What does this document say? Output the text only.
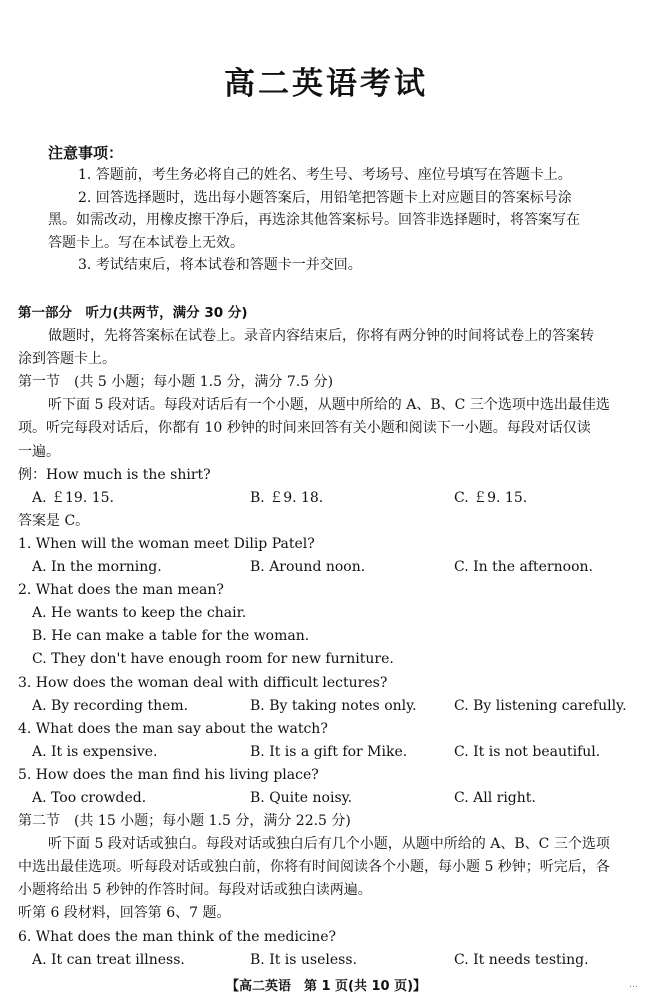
高二英语考试
注意事项：
1. 答题前，考生务必将自己的姓名、考生号、考场号、座位号填写在答题卡上。
2. 回答选择题时，选出每小题答案后，用铅笔把答题卡上对应题目的答案标号涂
黑。如需改动，用橡皮擦干净后，再选涂其他答案标号。回答非选择题时，将答案写在
答题卡上。写在本试卷上无效。
3. 考试结束后，将本试卷和答题卡一并交回。
第一部分　听力(共两节，满分 30 分)
做题时，先将答案标在试卷上。录音内容结束后，你将有两分钟的时间将试卷上的答案转
涂到答题卡上。
第一节　(共 5 小题；每小题 1.5 分，满分 7.5 分)
听下面 5 段对话。每段对话后有一个小题，从题中所给的 A、B、C 三个选项中选出最佳选
项。听完每段对话后，你都有 10 秒钟的时间来回答有关小题和阅读下一小题。每段对话仅读
一遍。
例：How much is the shirt?
A. ￡19. 15.	B. ￡9. 18.	C. ￡9. 15.
答案是 C。
1. When will the woman meet Dilip Patel?
A. In the morning.	B. Around noon.	C. In the afternoon.
2. What does the man mean?
A. He wants to keep the chair.
B. He can make a table for the woman.
C. They don't have enough room for new furniture.
3. How does the woman deal with difficult lectures?
A. By recording them.	B. By taking notes only.	C. By listening carefully.
4. What does the man say about the watch?
A. It is expensive.	B. It is a gift for Mike.	C. It is not beautiful.
5. How does the man find his living place?
A. Too crowded.	B. Quite noisy.	C. All right.
第二节　(共 15 小题；每小题 1.5 分，满分 22.5 分)
听下面 5 段对话或独白。每段对话或独白后有几个小题，从题中所给的 A、B、C 三个选项
中选出最佳选项。听每段对话或独白前，你将有时间阅读各个小题，每小题 5 秒钟；听完后，各
小题将给出 5 秒钟的作答时间。每段对话或独白读两遍。
听第 6 段材料，回答第 6、7 题。
6. What does the man think of the medicine?
A. It can treat illness.	B. It is useless.	C. It needs testing.
【高二英语　第 1 页(共 10 页)】	…
